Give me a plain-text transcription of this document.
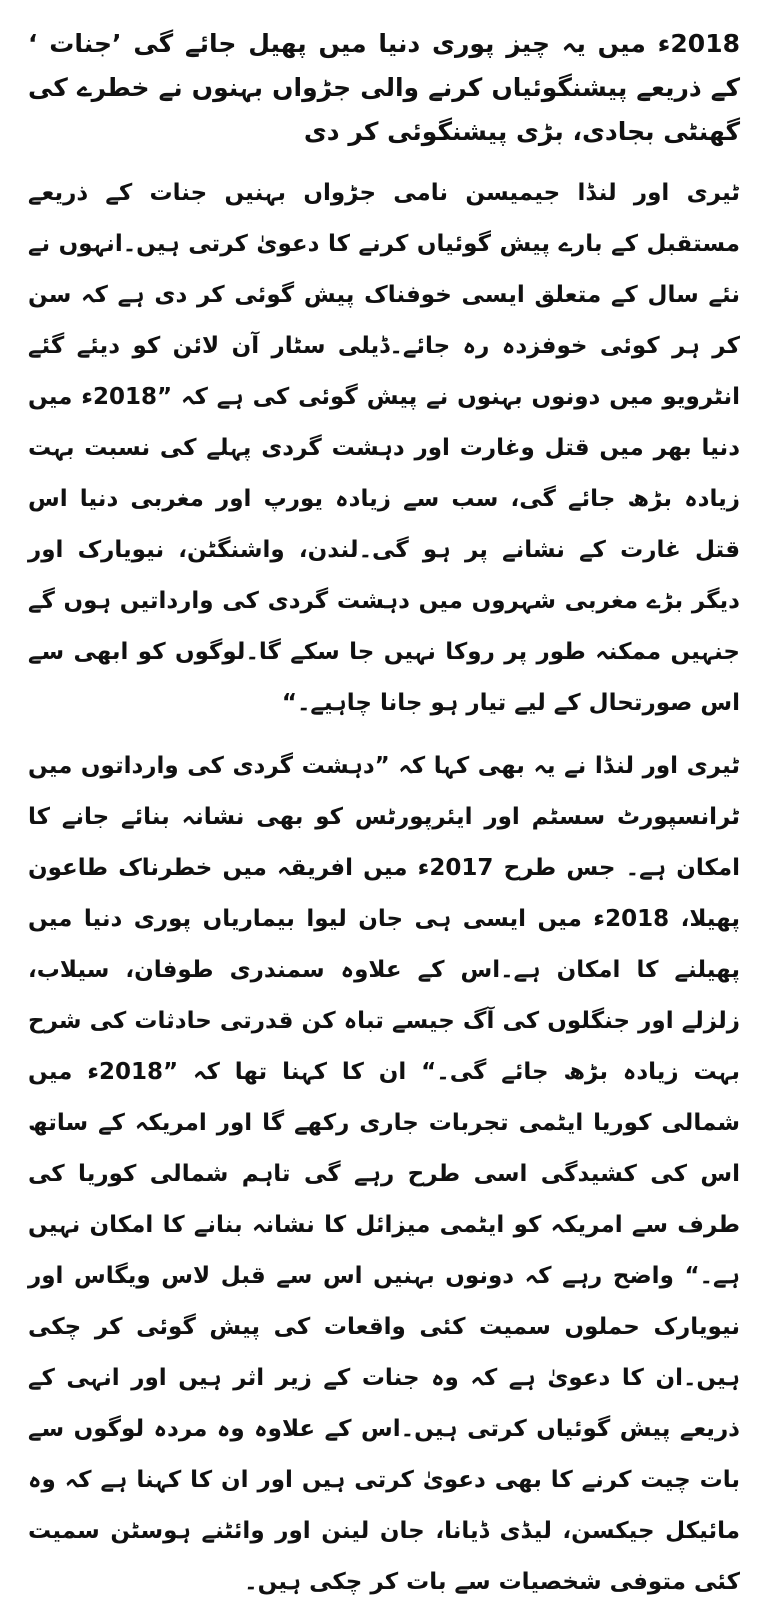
2018ء میں یہ چیز پوری دنیا میں پھیل جائے گی ’جنات ‘ کے ذریعے پیشنگوئیاں کرنے والی جڑواں بہنوں نے خطرے کی گھنٹی بجادی، بڑی پیشنگوئی کر دی

ٹیری اور لنڈا جیمیسن نامی جڑواں بہنیں جنات کے ذریعے مستقبل کے بارے پیش گوئیاں کرنے کا دعویٰ کرتی ہیں۔انہوں نے نئے سال کے متعلق ایسی خوفناک پیش گوئی کر دی ہے کہ سن کر ہر کوئی خوفزدہ رہ جائے۔ڈیلی سٹار آن لائن کو دیئے گئے انٹرویو میں دونوں بہنوں نے پیش گوئی کی ہے کہ ”2018ء میں دنیا بھر میں قتل وغارت اور دہشت گردی پہلے کی نسبت بہت زیادہ بڑھ جائے گی، سب سے زیادہ یورپ اور مغربی دنیا اس قتل غارت کے نشانے پر ہو گی۔لندن، واشنگٹن، نیویارک اور دیگر بڑے مغربی شہروں میں دہشت گردی کی وارداتیں ہوں گے جنہیں ممکنہ طور پر روکا نہیں جا سکے گا۔لوگوں کو ابھی سے اس صورتحال کے لیے تیار ہو جانا چاہیے۔“

ٹیری اور لنڈا نے یہ بھی کہا کہ ”دہشت گردی کی وارداتوں میں ٹرانسپورٹ سسٹم اور ایئرپورٹس کو بھی نشانہ بنائے جانے کا امکان ہے۔ جس طرح 2017ء میں افریقہ میں خطرناک طاعون پھیلا، 2018ء میں ایسی ہی جان لیوا بیماریاں پوری دنیا میں پھیلنے کا امکان ہے۔اس کے علاوہ سمندری طوفان، سیلاب، زلزلے اور جنگلوں کی آگ جیسے تباہ کن قدرتی حادثات کی شرح بہت زیادہ بڑھ جائے گی۔“ ان کا کہنا تھا کہ ”2018ء میں شمالی کوریا ایٹمی تجربات جاری رکھے گا اور امریکہ کے ساتھ اس کی کشیدگی اسی طرح رہے گی تاہم شمالی کوریا کی طرف سے امریکہ کو ایٹمی میزائل کا نشانہ بنانے کا امکان نہیں ہے۔“ واضح رہے کہ دونوں بہنیں اس سے قبل لاس ویگاس اور نیویارک حملوں سمیت کئی واقعات کی پیش گوئی کر چکی ہیں۔ان کا دعویٰ ہے کہ وہ جنات کے زیر اثر ہیں اور انہی کے ذریعے پیش گوئیاں کرتی ہیں۔اس کے علاوہ وہ مردہ لوگوں سے بات چیت کرنے کا بھی دعویٰ کرتی ہیں اور ان کا کہنا ہے کہ وہ مائیکل جیکسن، لیڈی ڈیانا، جان لینن اور وائٹنے ہوسٹن سمیت کئی متوفی شخصیات سے بات کر چکی ہیں۔
